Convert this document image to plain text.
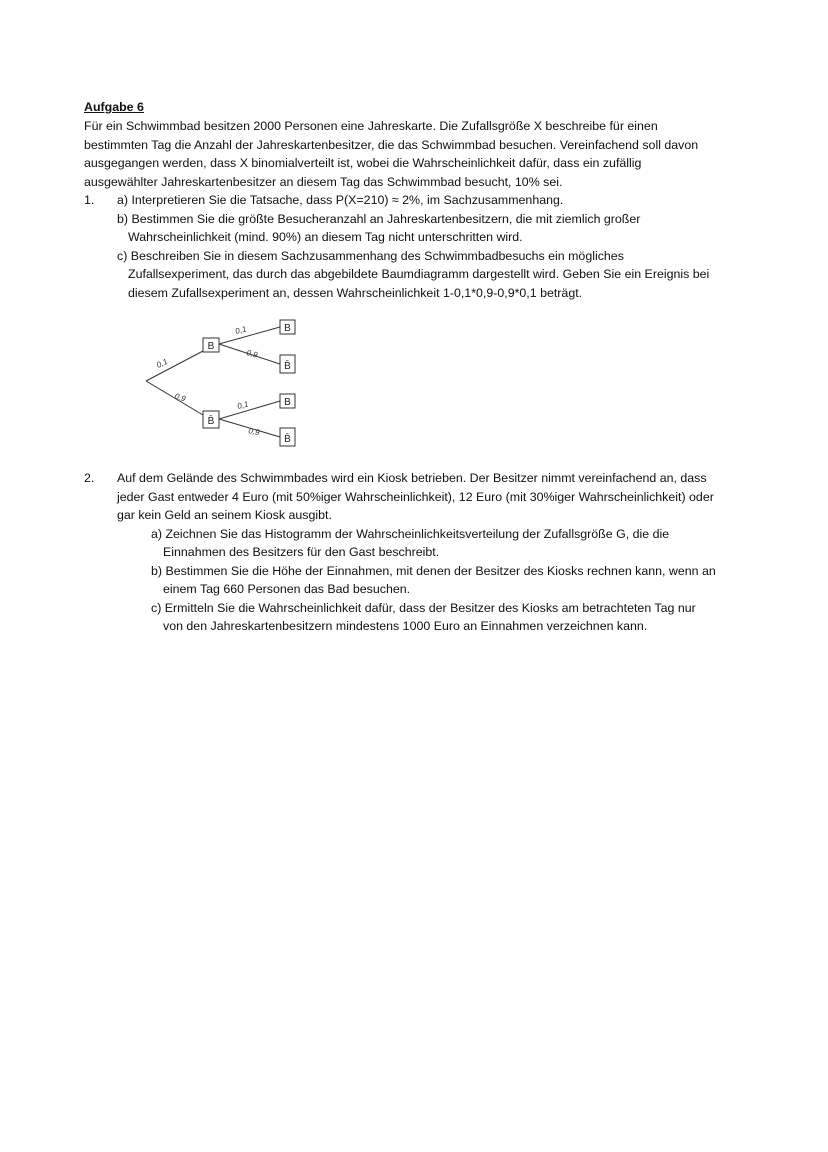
Aufgabe 6
Für ein Schwimmbad besitzen 2000 Personen eine Jahreskarte. Die Zufallsgröße X beschreibe für einen
bestimmten Tag die Anzahl der Jahreskartenbesitzer, die das Schwimmbad besuchen. Vereinfachend soll davon
ausgegangen werden, dass X binomialverteilt ist, wobei die Wahrscheinlichkeit dafür, dass ein zufällig
ausgewählter Jahreskartenbesitzer an diesem Tag das Schwimmbad besucht, 10% sei.
1. a) Interpretieren Sie die Tatsache, dass P(X=210) ≈ 2%, im Sachzusammenhang.
b) Bestimmen Sie die größte Besucheranzahl an Jahreskartenbesitzern, die mit ziemlich großer
Wahrscheinlichkeit (mind. 90%) an diesem Tag nicht unterschritten wird.
c) Beschreiben Sie in diesem Sachzusammenhang des Schwimmbadbesuchs ein mögliches
Zufallsexperiment, das durch das abgebildete Baumdiagramm dargestellt wird. Geben Sie ein Ereignis bei
diesem Zufallsexperiment an, dessen Wahrscheinlichkeit 1-0,1*0,9-0,9*0,1 beträgt.
B
B̄
B
B̄
B
B̄
0,1
0,9
0,1
0,9
0,1
0,9
2. Auf dem Gelände des Schwimmbades wird ein Kiosk betrieben. Der Besitzer nimmt vereinfachend an, dass
jeder Gast entweder 4 Euro (mit 50%iger Wahrscheinlichkeit), 12 Euro (mit 30%iger Wahrscheinlichkeit) oder
gar kein Geld an seinem Kiosk ausgibt.
a) Zeichnen Sie das Histogramm der Wahrscheinlichkeitsverteilung der Zufallsgröße G, die die
Einnahmen des Besitzers für den Gast beschreibt.
b) Bestimmen Sie die Höhe der Einnahmen, mit denen der Besitzer des Kiosks rechnen kann, wenn an
einem Tag 660 Personen das Bad besuchen.
c) Ermitteln Sie die Wahrscheinlichkeit dafür, dass der Besitzer des Kiosks am betrachteten Tag nur
von den Jahreskartenbesitzern mindestens 1000 Euro an Einnahmen verzeichnen kann.
